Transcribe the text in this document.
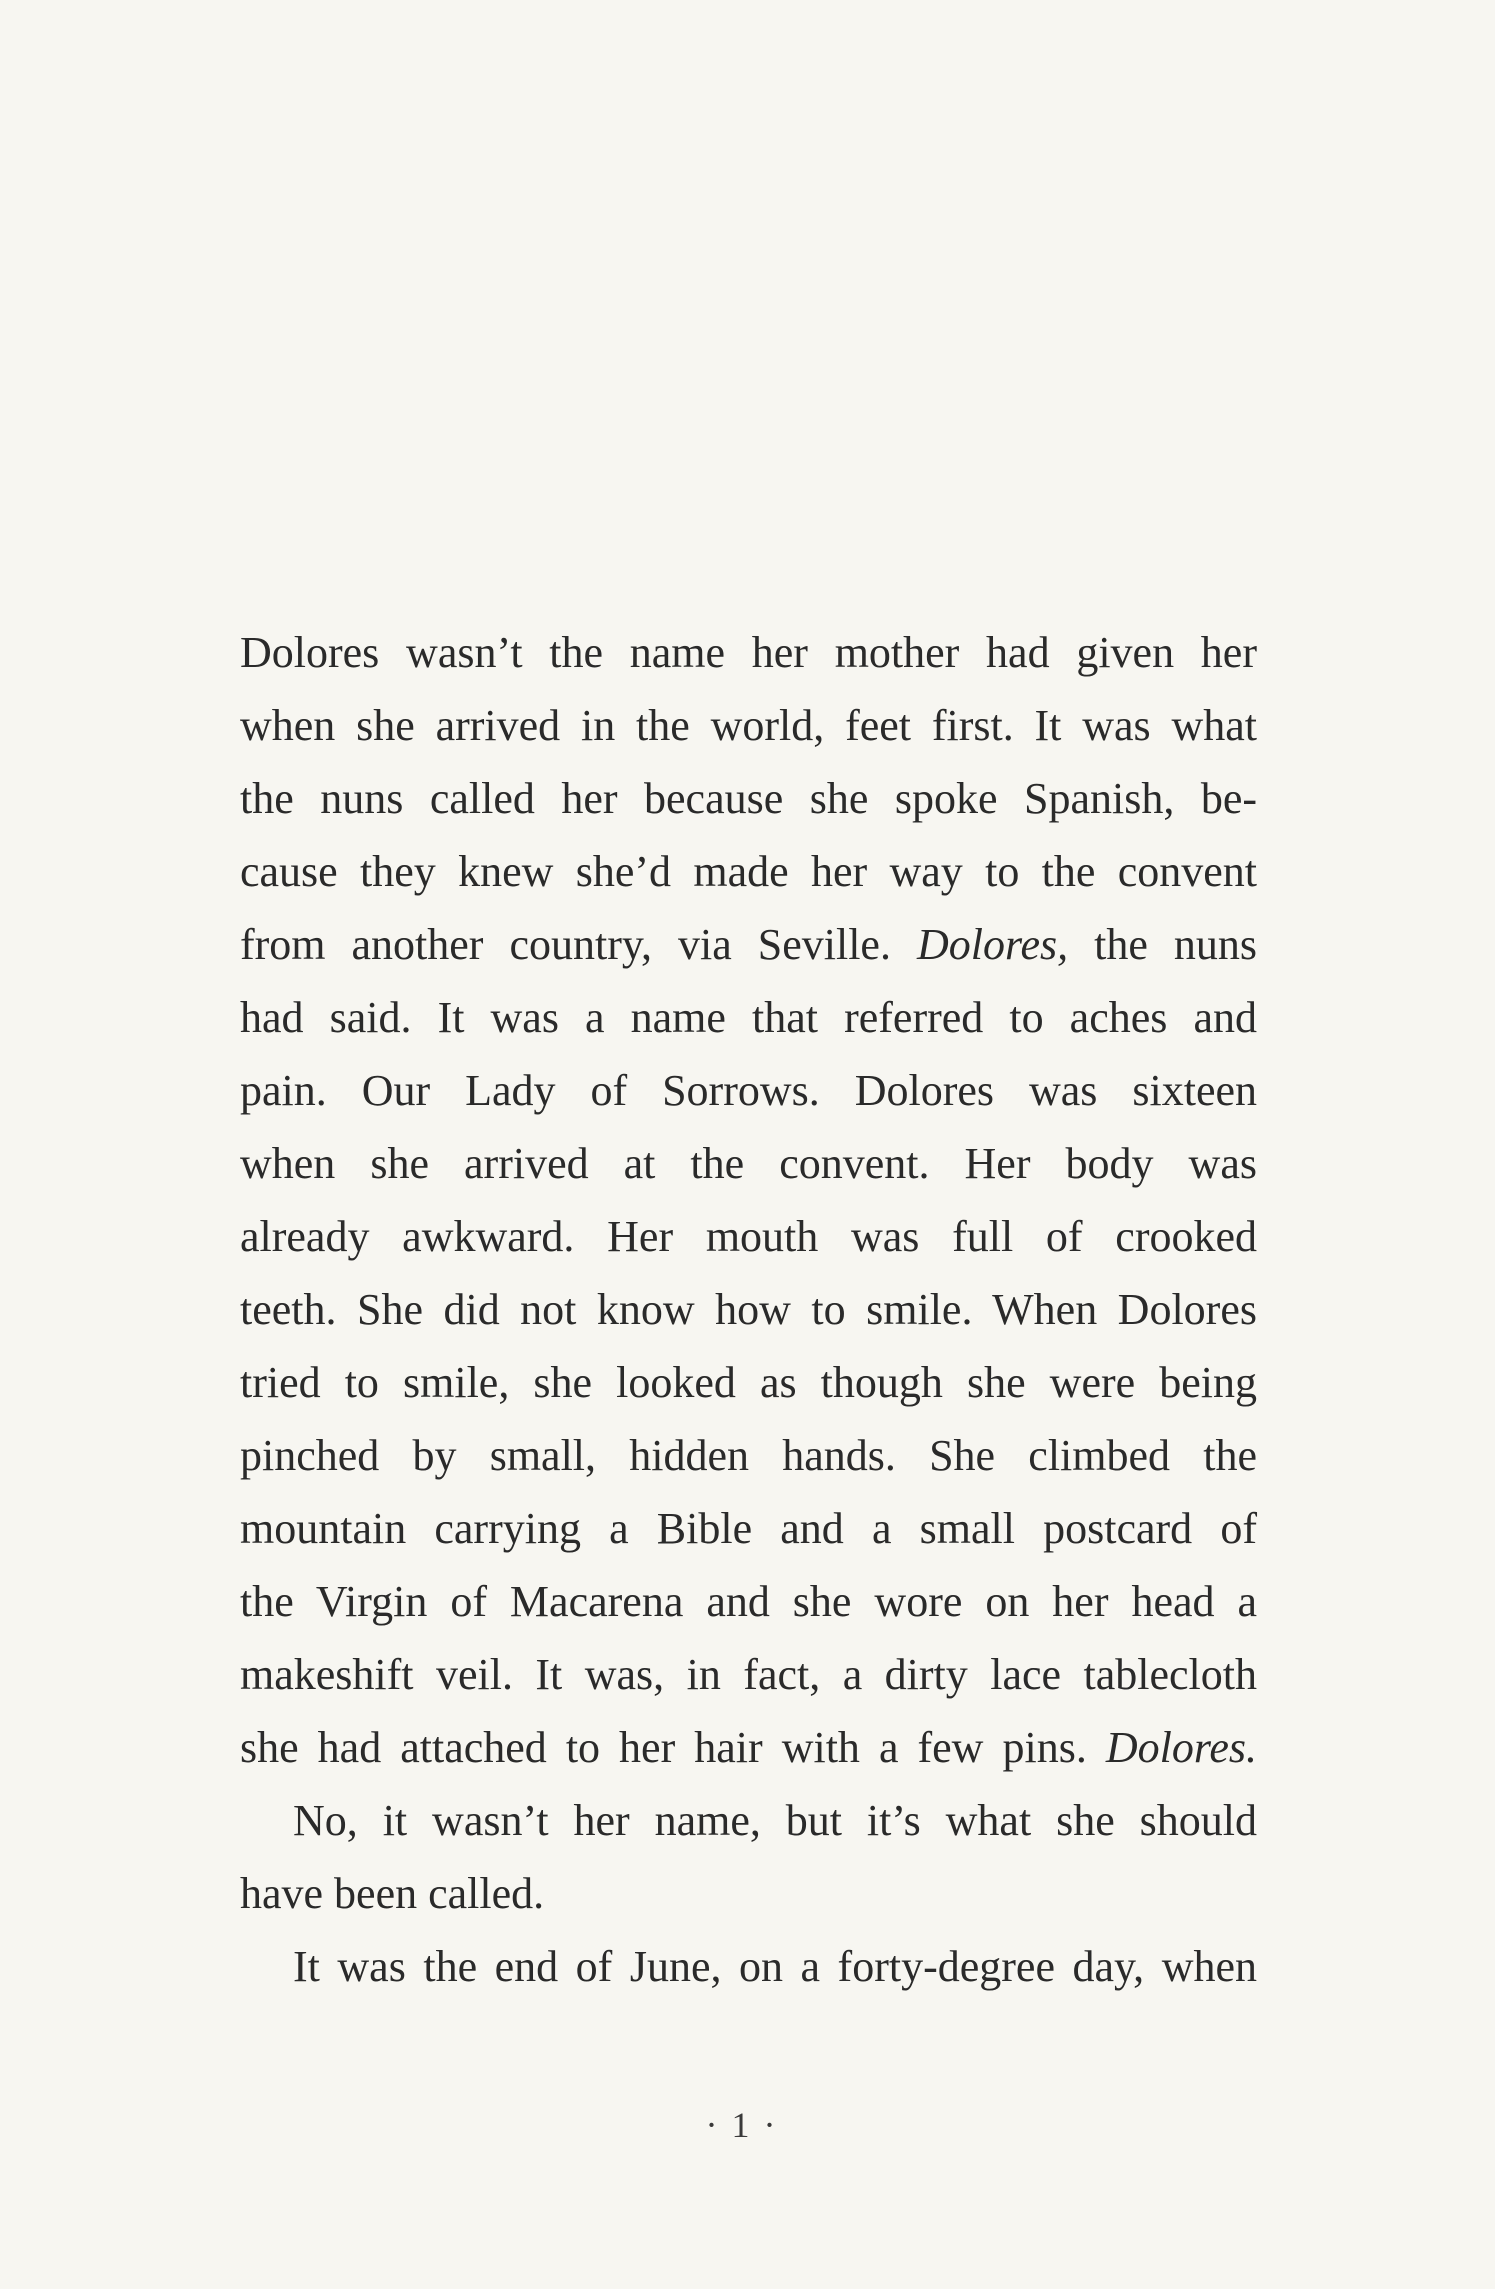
Dolores wasn’t the name her mother had given her
when she arrived in the world, feet first. It was what
the nuns called her because she spoke Spanish, be-
cause they knew she’d made her way to the convent
from another country, via Seville. Dolores, the nuns
had said. It was a name that referred to aches and
pain. Our Lady of Sorrows. Dolores was sixteen
when she arrived at the convent. Her body was
already awkward. Her mouth was full of crooked
teeth. She did not know how to smile. When Dolores
tried to smile, she looked as though she were being
pinched by small, hidden hands. She climbed the
mountain carrying a Bible and a small postcard of
the Virgin of Macarena and she wore on her head a
makeshift veil. It was, in fact, a dirty lace tablecloth
she had attached to her hair with a few pins. Dolores.
No, it wasn’t her name, but it’s what she should
have been called.
It was the end of June, on a forty-degree day, when
·1·
